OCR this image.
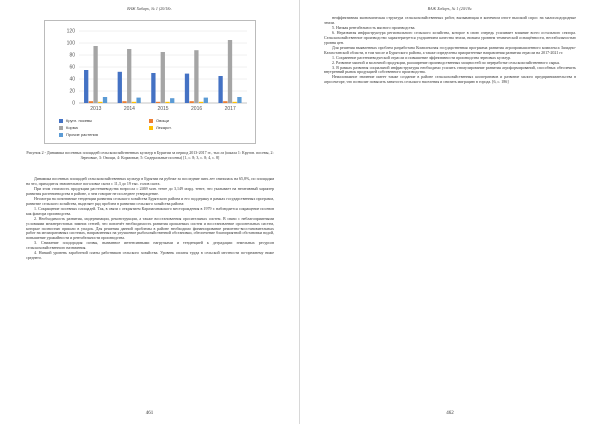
ВАЖ Хабаръ, № 1 (20/18г.
0
20
40
60
80
100
120
2013	2014	2015	2016	2017
Кругл. посевы	Овощи
Корма	Лекарст.
Прочие растения
Рисунок 2 - Динамика посевных площадей сельскохозяйственных культур в Бурятии за период 2013-2017 гг., тыс.га (шкала 1: Кругов. посевы, 2: Зерновые, 3: Овощи, 4: Кормовые, 5: Сидеральные посевы) [1, с. 8; 3, с. 8; 4, с. 8]

Динамика посевных площадей сельскохозяйственных культур в Бурятии на рубеже за последние пять лет снизилась на 65,8%, по площадям на что, приходится значительное поголовье скота с 11,3 до 19 тыс. голов скота.

При этом стоимость продукции растениеводства возросла с 2469 млн. тенге до 3,149 млрд. тенге, что указывает на негативный характер развития растениеводства в районе, о чем говорит не последнее утверждение.

Несмотря на позитивные тенденции развития сельского хозяйства Бурятского района и его поддержку в рамках государственных программ, развитие сельского хозяйства, выделяет ряд проблем в развитии сельского хозяйства района:

1. Сокращение посевных площадей. Так, в связи с открытием Карачаганакского месторождения в 1979 г. наблюдается сокращение посевов как фактора производства.

2. Необходимость развития, модернизации, реконструкции, а также восстановления оросительных систем. В связи с неблагоприятными условиями межнерестовых зимних степей, что повлечёт необходимость развития орошаемых систем и восстановление оросительных систем, которые полностью пришли в упадок. Для решения данной проблемы в районе необходимо финансирование ремонтно-восстановительных работ на мелиоративных системах, направленных на улучшение рыбохозяйственной обстановки, обеспечение благоприятной обстановки водой, повышение урожайности и рентабельности производства.

3. Снижение плодородия почвы, вызванное интенсивными нагрузками и тенденцией к деградации земельных ресурсов сельскохозяйственного назначения.

4. Низкий уровень заработной платы работников сельского хозяйства. Уровень оплаты труда в сельской местности по-прежнему ниже среднего.

461
ВАЖ Хабаръ, № 1 (20/18г.

неэффективная экономическая структура сельскохозяйственных работ, вызывающая в конечном итоге высокий спрос на малоплодородные земли.

5. Низкая рентабельность мясного производства.

6. Неразвитая инфраструктура регионального сельского хозяйства, которое в свою очередь усиливает влияние всего остального сектора. Сельскохозяйственное производство характеризуется ухудшением качества земли, низким уровнем технической оснащённости, нестабильностью уровня цен.

Для решения выявленных проблем разработана Комплексная государственная программа развития агропромышленного комплекса Западно-Казахстанской области, в том числе и Бурятского района, а также определены приоритетные направления развития отрасли на 2017-2021 гг.

1. Сохранение растениеводческой отрасли и повышение эффективности производства зерновых культур.

2. Развитие мясной и молочной продукции, расширение производственных мощностей по переработке сельскохозяйственного сырья.

3. В рамках развития социальной инфраструктуры необходимо усилить стимулирование развития агроформирований, способных обеспечить внутренний рынок продукцией собственного производства.

Немаловажное значение имеет также создание в районе сельскохозяйственных кооперативов и развитие малого предпринимательства в агросекторе, что позволит повысить занятость сельского населения и снизить миграцию в города. [6, с. 186]

462
